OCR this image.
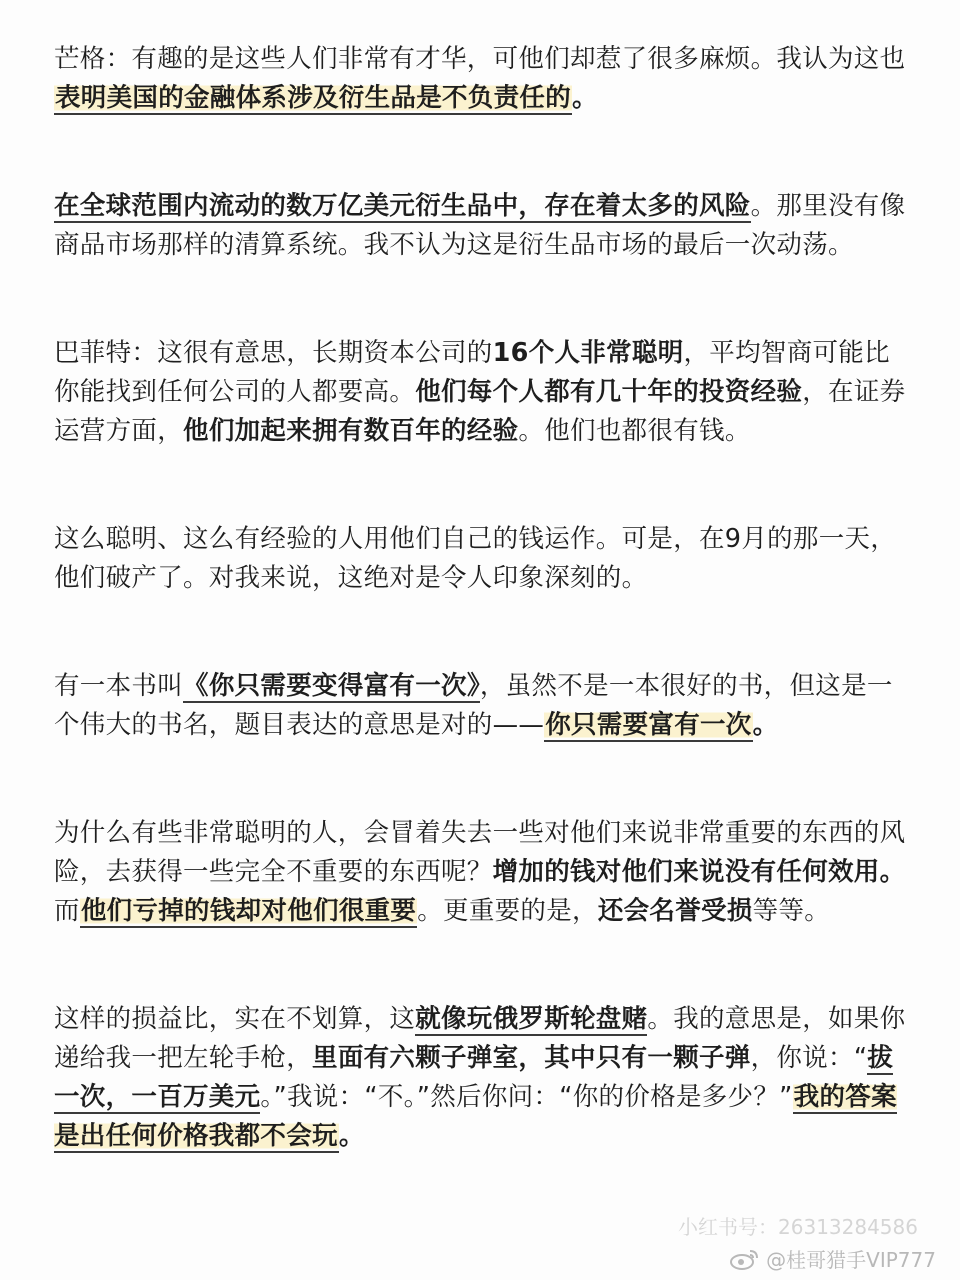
芒格：有趣的是这些人们非常有才华，可他们却惹了很多麻烦。我认为这也表明美国的金融体系涉及衍生品是不负责任的。

在全球范围内流动的数万亿美元衍生品中，存在着太多的风险。那里没有像商品市场那样的清算系统。我不认为这是衍生品市场的最后一次动荡。

巴菲特：这很有意思，长期资本公司的16个人非常聪明，平均智商可能比你能找到任何公司的人都要高。他们每个人都有几十年的投资经验，在证券运营方面，他们加起来拥有数百年的经验。他们也都很有钱。

这么聪明、这么有经验的人用他们自己的钱运作。可是，在9月的那一天，他们破产了。对我来说，这绝对是令人印象深刻的。

有一本书叫《你只需要变得富有一次》，虽然不是一本很好的书，但这是一个伟大的书名，题目表达的意思是对的——你只需要富有一次。

为什么有些非常聪明的人，会冒着失去一些对他们来说非常重要的东西的风险，去获得一些完全不重要的东西呢？增加的钱对他们来说没有任何效用。而他们亏掉的钱却对他们很重要。更重要的是，还会名誉受损等等。

这样的损益比，实在不划算，这就像玩俄罗斯轮盘赌。我的意思是，如果你递给我一把左轮手枪，里面有六颗子弹室，其中只有一颗子弹，你说：“拔一次，一百万美元。”我说：“不。”然后你问：“你的价格是多少？”我的答案是出任何价格我都不会玩。

小红书号：26313284586
@桂哥猎手VIP777
